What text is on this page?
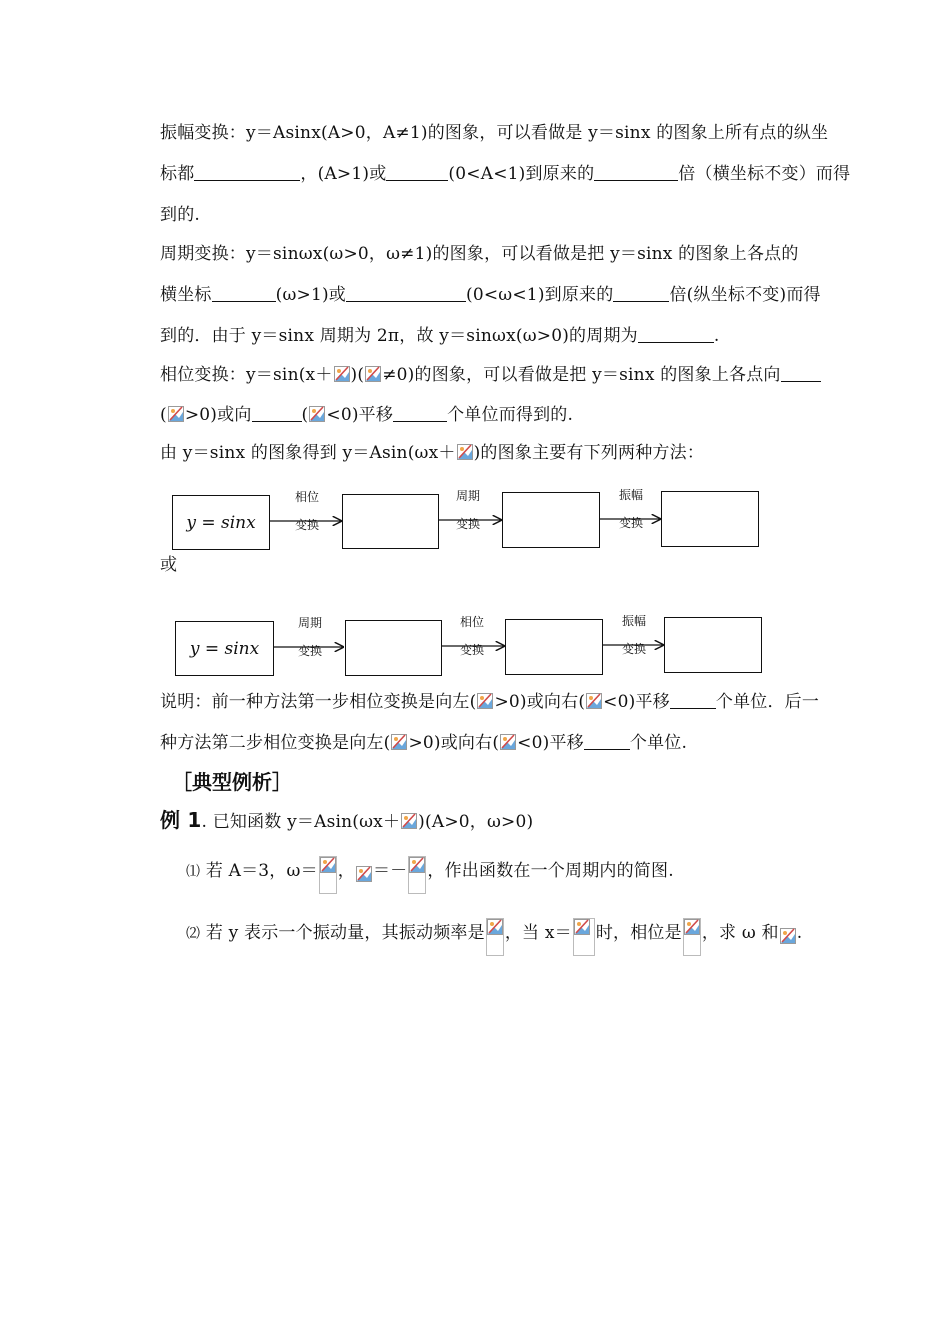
振幅变换：y＝Asinx(A>0，A≠1)的图象，可以看做是 y＝sinx 的图象上所有点的纵坐
标都	，(A>1)或	(0<A<1)到原来的	倍（横坐标不变）而得
到的.
周期变换：y＝sinωx(ω>0，ω≠1)的图象，可以看做是把 y＝sinx 的图象上各点的
横坐标	(ω>1)或	(0<ω<1)到原来的	倍(纵坐标不变)而得
到的．由于 y＝sinx 周期为 2π，故 y＝sinωx(ω>0)的周期为	.
相位变换：y＝sin(x＋ )( ≠0)的图象，可以看做是把 y＝sinx 的图象上各点向
( >0)或向	( <0)平移	个单位而得到的.
由 y＝sinx 的图象得到 y＝Asin(ωx＋ )的图象主要有下列两种方法：
y = sinx
相位

变换
周期

变换
振幅

变换
或
y = sinx
周期

变换
相位

变换
振幅

变换
说明：前一种方法第一步相位变换是向左( >0)或向右( <0)平移	个单位．后一
种方法第二步相位变换是向左( >0)或向右( <0)平移	个单位.
［典型例析］
例 1. 已知函数 y＝Asin(ωx＋ )(A>0，ω>0)
⑴ 若 A＝3，ω＝ ， ＝－ ，作出函数在一个周期内的简图.
⑵ 若 y 表示一个振动量，其振动频率是 ，当 x＝ 时，相位是 ，求 ω 和 .
